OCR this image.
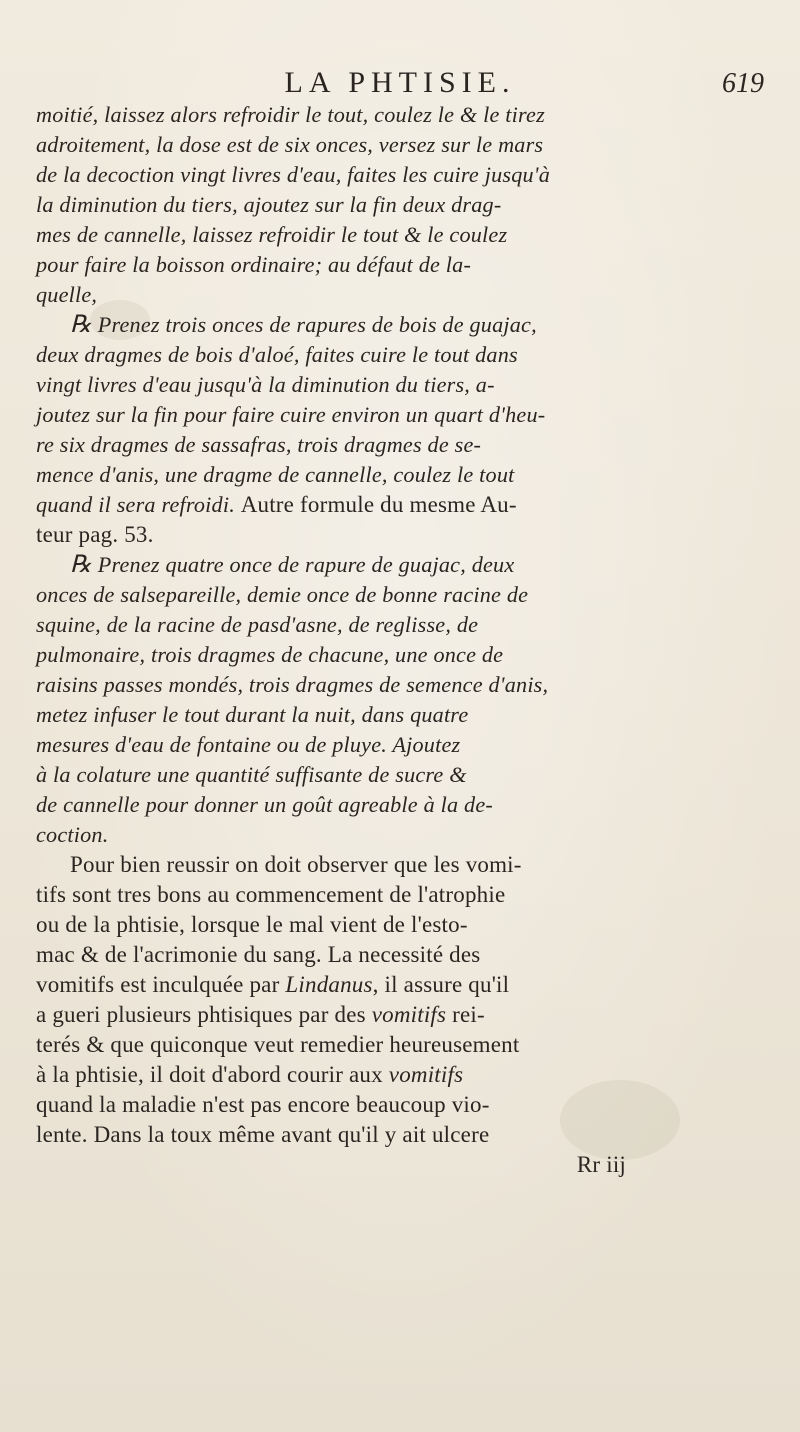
LA PHTISIE.	619
moitié, laissez alors refroidir le tout, coulez le & le tirez
adroitement, la dose est de six onces, versez sur le mars
de la decoction vingt livres d'eau, faites les cuire jusqu'à
la diminution du tiers, ajoutez sur la fin deux drag-
mes de cannelle, laissez refroidir le tout & le coulez
pour faire la boisson ordinaire; au défaut de la-
quelle,
℞ Prenez trois onces de rapures de bois de guajac,
deux dragmes de bois d'aloé, faites cuire le tout dans
vingt livres d'eau jusqu'à la diminution du tiers, a-
joutez sur la fin pour faire cuire environ un quart d'heu-
re six dragmes de sassafras, trois dragmes de se-
mence d'anis, une dragme de cannelle, coulez le tout
quand il sera refroidi. Autre formule du mesme Au-
teur pag. 53.
℞ Prenez quatre once de rapure de guajac, deux
onces de salsepareille, demie once de bonne racine de
squine, de la racine de pasd'asne, de reglisse, de
pulmonaire, trois dragmes de chacune, une once de
raisins passes mondés, trois dragmes de semence d'anis,
metez infuser le tout durant la nuit, dans quatre
mesures d'eau de fontaine ou de pluye. Ajoutez
à la colature une quantité suffisante de sucre &
de cannelle pour donner un goût agreable à la de-
coction.
Pour bien reussir on doit observer que les vomi-
tifs sont tres bons au commencement de l'atrophie
ou de la phtisie, lorsque le mal vient de l'esto-
mac & de l'acrimonie du sang. La necessité des
vomitifs est inculquée par Lindanus, il assure qu'il
a gueri plusieurs phtisiques par des vomitifs rei-
terés & que quiconque veut remedier heureusement
à la phtisie, il doit d'abord courir aux vomitifs
quand la maladie n'est pas encore beaucoup vio-
lente. Dans la toux même avant qu'il y ait ulcere
Rr iij
